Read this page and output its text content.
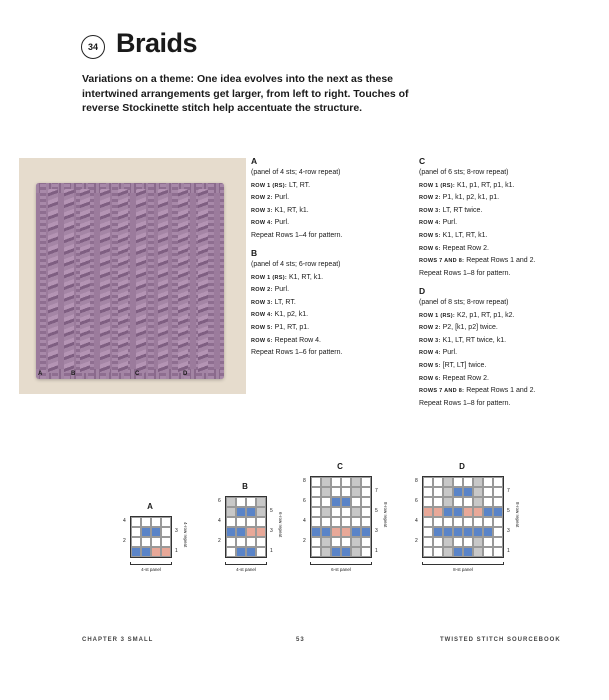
34 Braids
Variations on a theme: One idea evolves into the next as these intertwined arrangements get larger, from left to right. Touches of reverse Stockinette stitch help accentuate the structure.
A	B	C	D
A
(panel of 4 sts; 4-row repeat)
ROW 1 (RS): LT, RT.
ROW 2: Purl.
ROW 3: K1, RT, k1.
ROW 4: Purl.
Repeat Rows 1–4 for pattern.
B
(panel of 4 sts; 6-row repeat)
ROW 1 (RS): K1, RT, k1.
ROW 2: Purl.
ROW 3: LT, RT.
ROW 4: K1, p2, k1.
ROW 5: P1, RT, p1.
ROW 6: Repeat Row 4.
Repeat Rows 1–6 for pattern.
C
(panel of 6 sts; 8-row repeat)
ROW 1 (RS): K1, p1, RT, p1, k1.
ROW 2: P1, k1, p2, k1, p1.
ROW 3: LT, RT twice.
ROW 4: Purl.
ROW 5: K1, LT, RT, k1.
ROW 6: Repeat Row 2.
ROWS 7 AND 8: Repeat Rows 1 and 2.
Repeat Rows 1–8 for pattern.
D
(panel of 8 sts; 8-row repeat)
ROW 1 (RS): K2, p1, RT, p1, k2.
ROW 2: P2, [k1, p2] twice.
ROW 3: K1, LT, RT twice, k1.
ROW 4: Purl.
ROW 5: [RT, LT] twice.
ROW 6: Repeat Row 2.
ROWS 7 AND 8: Repeat Rows 1 and 2.
Repeat Rows 1–8 for pattern.
A
4
2
3
1
4-row repeat
4-st panel
B
6
4
2
5
3
1
6-row repeat
4-st panel
C
8
6
4
2
7
5
3
1
8-row repeat
6-st panel
D
8
6
4
2
7
5
3
1
8-row repeat
8-st panel
CHAPTER 3 SMALL	53	TWISTED STITCH SOURCEBOOK
